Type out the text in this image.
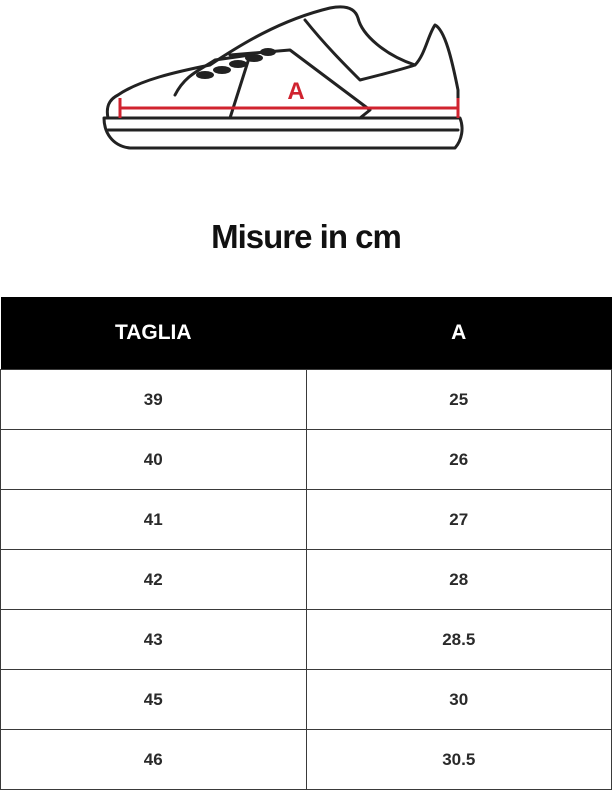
A
Misure in cm
TAGLIA	A
39	25
40	26
41	27
42	28
43	28.5
45	30
46	30.5
